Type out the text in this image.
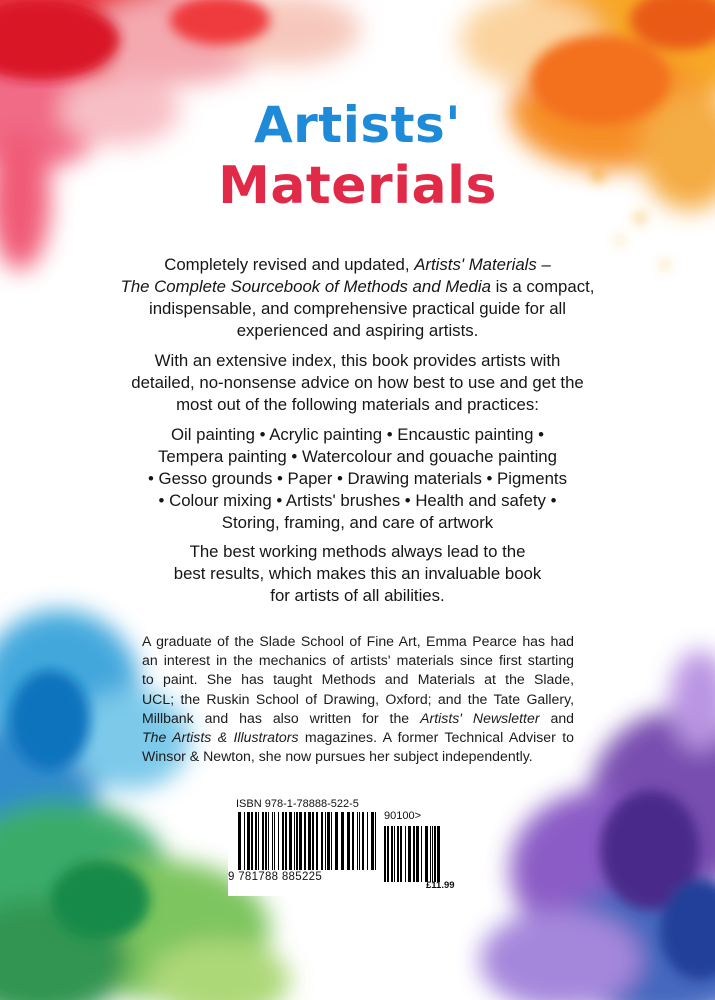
Artists'
Materials
Completely revised and updated, Artists' Materials –
The Complete Sourcebook of Methods and Media is a compact,
indispensable, and comprehensive practical guide for all
experienced and aspiring artists.
With an extensive index, this book provides artists with
detailed, no-nonsense advice on how best to use and get the
most out of the following materials and practices:
Oil painting • Acrylic painting • Encaustic painting •
Tempera painting • Watercolour and gouache painting
• Gesso grounds • Paper • Drawing materials • Pigments
• Colour mixing • Artists' brushes • Health and safety •
Storing, framing, and care of artwork
The best working methods always lead to the
best results, which makes this an invaluable book
for artists of all abilities.
A graduate of the Slade School of Fine Art, Emma Pearce has had
an interest in the mechanics of artists' materials since first starting
to paint. She has taught Methods and Materials at the Slade,
UCL; the Ruskin School of Drawing, Oxford; and the Tate Gallery,
Millbank and has also written for the Artists' Newsletter and
The Artists & Illustrators magazines. A former Technical Adviser to
Winsor & Newton, she now pursues her subject independently.
ISBN 978-1-78888-522-5
90100>
9 781788 885225
£11.99
